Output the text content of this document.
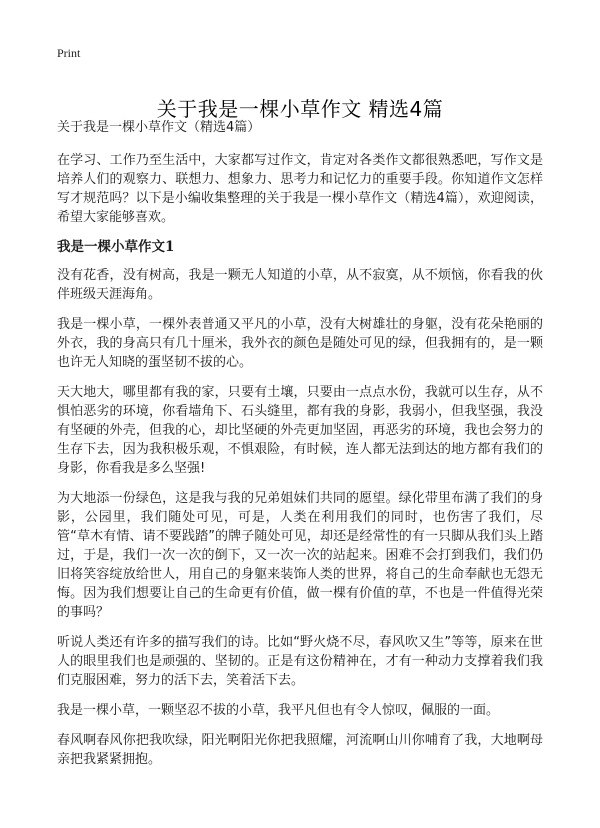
Print
关于我是一棵小草作文 精选4篇

关于我是一棵小草作文（精选4篇）

在学习、工作乃至生活中，大家都写过作文，肯定对各类作文都很熟悉吧，写作文是培养人们的观察力、联想力、想象力、思考力和记忆力的重要手段。你知道作文怎样写才规范吗？以下是小编收集整理的关于我是一棵小草作文（精选4篇），欢迎阅读，希望大家能够喜欢。

我是一棵小草作文1

没有花香，没有树高，我是一颗无人知道的小草，从不寂寞，从不烦恼，你看我的伙伴班级天涯海角。

我是一棵小草，一棵外表普通又平凡的小草，没有大树雄壮的身躯，没有花朵艳丽的外衣，我的身高只有几十厘米，我外衣的颜色是随处可见的绿，但我拥有的，是一颗也许无人知晓的蛋坚韧不拔的心。

天大地大，哪里都有我的家，只要有土壤，只要由一点点水份，我就可以生存，从不惧怕恶劣的环境，你看墙角下、石头缝里，都有我的身影，我弱小，但我坚强，我没有坚硬的外壳，但我的心，却比坚硬的外壳更加坚固，再恶劣的环境，我也会努力的生存下去，因为我积极乐观，不惧艰险，有时候，连人都无法到达的地方都有我们的身影，你看我是多么坚强!

为大地添一份绿色，这是我与我的兄弟姐妹们共同的愿望。绿化带里布满了我们的身影，公园里，我们随处可见，可是，人类在利用我们的同时，也伤害了我们，尽管“草木有情、请不要践踏”的牌子随处可见，却还是经常性的有一只脚从我们头上踏过，于是，我们一次一次的倒下，又一次一次的站起来。困难不会打到我们，我们仍旧将笑容绽放给世人，用自己的身躯来装饰人类的世界，将自己的生命奉献也无怨无悔。因为我们想要让自己的生命更有价值，做一棵有价值的草，不也是一件值得光荣的事吗？

听说人类还有许多的描写我们的诗。比如“野火烧不尽，春风吹又生”等等，原来在世人的眼里我们也是顽强的、坚韧的。正是有这份精神在，才有一种动力支撑着我们我们克服困难，努力的活下去，笑着活下去。

我是一棵小草，一颗坚忍不拔的小草，我平凡但也有令人惊叹，佩服的一面。

春风啊春风你把我吹绿，阳光啊阳光你把我照耀，河流啊山川你哺育了我，大地啊母亲把我紧紧拥抱。
